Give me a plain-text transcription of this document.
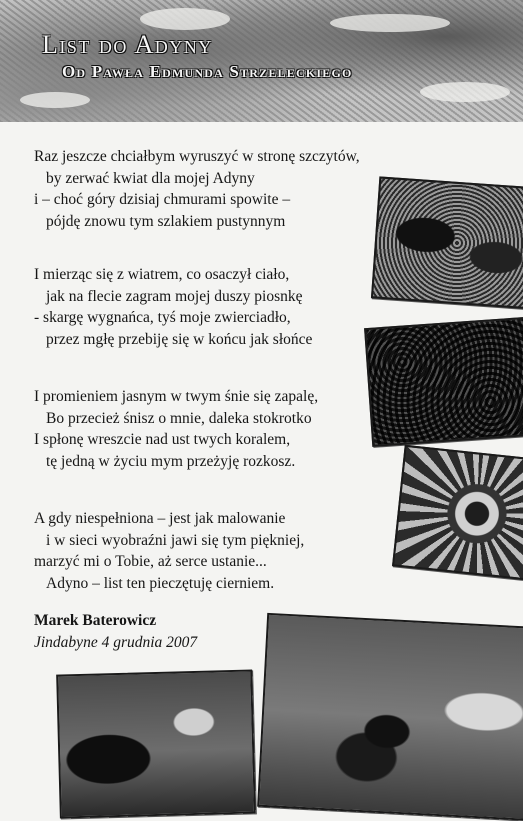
List do Adyny
Od Pawła Edmunda Strzeleckiego
Raz jeszcze chciałbym wyruszyć w stronę szczytów,
by zerwać kwiat dla mojej Adyny
i – choć góry dzisiaj chmurami spowite –
pójdę znowu tym szlakiem pustynnym
I mierząc się z wiatrem, co osaczył ciało,
jak na flecie zagram mojej duszy piosnkę
- skargę wygnańca, tyś moje zwierciadło,
przez mgłę przebiję się w końcu jak słońce
I promieniem jasnym w twym śnie się zapalę,
Bo przecież śnisz o mnie, daleka stokrotko
I spłonę wreszcie nad ust twych koralem,
tę jedną w życiu mym przeżyję rozkosz.
A gdy niespełniona – jest jak malowanie
i w sieci wyobraźni jawi się tym piękniej,
marzyć mi o Tobie, aż serce ustanie...
Adyno – list ten pieczętuję cierniem.

Marek Baterowicz

Jindabyne 4 grudnia 2007
